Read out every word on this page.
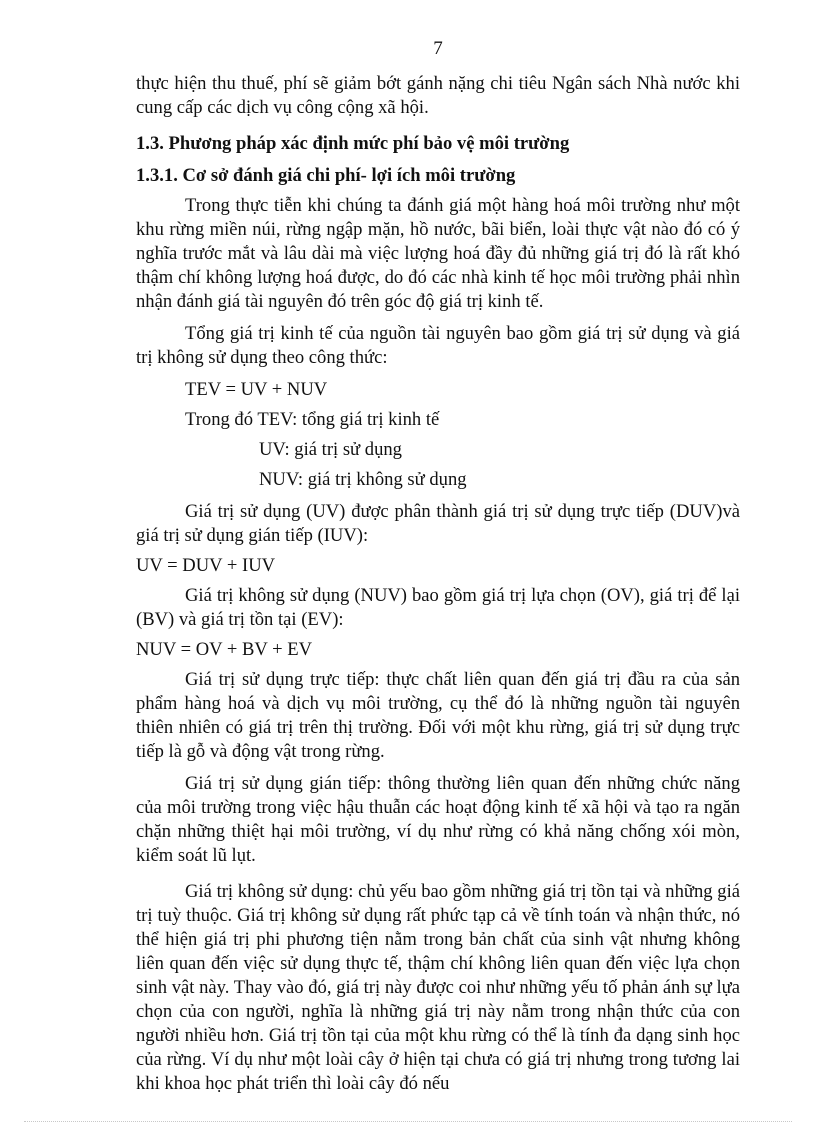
7

thực hiện thu thuế, phí sẽ giảm bớt gánh nặng chi tiêu Ngân sách Nhà nước khi cung cấp các dịch vụ công cộng xã hội.

1.3. Phương pháp xác định mức phí bảo vệ môi trường

1.3.1. Cơ sở đánh giá chi phí- lợi ích môi trường

Trong thực tiễn khi chúng ta đánh giá một hàng hoá môi trường như một khu rừng miền núi, rừng ngập mặn, hồ nước, bãi biển, loài thực vật nào đó có ý nghĩa trước mắt và lâu dài mà việc lượng hoá đầy đủ những giá trị đó là rất khó thậm chí không lượng hoá được, do đó các nhà kinh tế học môi trường phải nhìn nhận đánh giá tài nguyên đó trên góc độ giá trị kinh tế.

Tổng giá trị kinh tế của nguồn tài nguyên bao gồm giá trị sử dụng và giá trị không sử dụng theo công thức:

TEV = UV + NUV

Trong đó TEV: tổng giá trị kinh tế

UV: giá trị sử dụng

NUV: giá trị không sử dụng

Giá trị sử dụng (UV) được phân thành giá trị sử dụng trực tiếp (DUV)và giá trị sử dụng gián tiếp (IUV):

UV = DUV + IUV

Giá trị không sử dụng (NUV) bao gồm giá trị lựa chọn (OV), giá trị để lại (BV) và giá trị tồn tại (EV):

NUV = OV + BV + EV

Giá trị sử dụng trực tiếp: thực chất liên quan đến giá trị đầu ra của sản phẩm hàng hoá và dịch vụ môi trường, cụ thể đó là những nguồn tài nguyên thiên nhiên có giá trị trên thị trường. Đối với một khu rừng, giá trị sử dụng trực tiếp là gỗ và động vật trong rừng.

Giá trị sử dụng gián tiếp: thông thường liên quan đến những chức năng của môi trường trong việc hậu thuẫn các hoạt động kinh tế xã hội và tạo ra ngăn chặn những thiệt hại môi trường, ví dụ như rừng có khả năng chống xói mòn, kiểm soát lũ lụt.

Giá trị không sử dụng: chủ yếu bao gồm những giá trị tồn tại và những giá trị tuỳ thuộc. Giá trị không sử dụng rất phức tạp cả về tính toán và nhận thức, nó thể hiện giá trị phi phương tiện nằm trong bản chất của sinh vật nhưng không liên quan đến việc sử dụng thực tế, thậm chí không liên quan đến việc lựa chọn sinh vật này. Thay vào đó, giá trị này được coi như những yếu tố phản ánh sự lựa chọn của con người, nghĩa là những giá trị này nằm trong nhận thức của con người nhiều hơn. Giá trị tồn tại của một khu rừng có thể là tính đa dạng sinh học của rừng. Ví dụ như một loài cây ở hiện tại chưa có giá trị nhưng trong tương lai khi khoa học phát triển thì loài cây đó nếu
